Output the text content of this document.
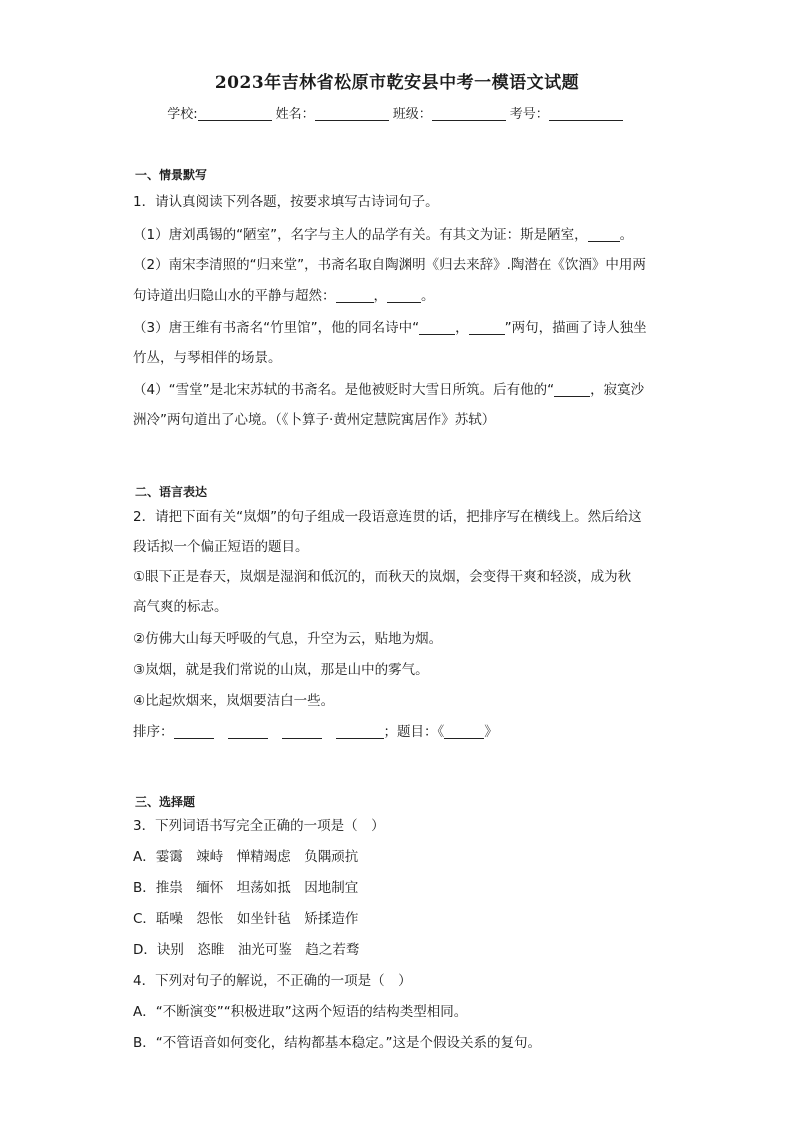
2023年吉林省松原市乾安县中考一模语文试题
学校:	姓名：	班级：	考号：
一、情景默写
1．请认真阅读下列各题，按要求填写古诗词句子。
（1）唐刘禹锡的“陋室”，名字与主人的品学有关。有其文为证：斯是陋室， 。
（2）南宋李清照的“归来堂”，书斋名取自陶渊明《归去来辞》.陶潜在《饮酒》中用两
句诗道出归隐山水的平静与超然：	，	。
（3）唐王维有书斋名“竹里馆”，他的同名诗中“	，	”两句，描画了诗人独坐
竹丛，与琴相伴的场景。
（4）“雪堂”是北宋苏轼的书斋名。是他被贬时大雪日所筑。后有他的“	，寂寞沙
洲冷”两句道出了心境。（《卜算子·黄州定慧院寓居作》苏轼）
二、语言表达
2．请把下面有关“岚烟”的句子组成一段语意连贯的话，把排序写在横线上。然后给这
段话拟一个偏正短语的题目。
①眼下正是春天，岚烟是湿润和低沉的，而秋天的岚烟，会变得干爽和轻淡，成为秋
高气爽的标志。
②仿佛大山每天呼吸的气息，升空为云，贴地为烟。
③岚烟，就是我们常说的山岚，那是山中的雾气。
④比起炊烟来，岚烟要洁白一些。
排序：	；题目：《	》
三、选择题
3．下列词语书写完全正确的一项是（　）
A．霎霭　竦峙　惮精竭虑　负隅顽抗
B．推祟　缅怀　坦荡如抵　因地制宜
C．聒噪　怨怅　如坐针毡　矫揉造作
D．诀别　恣睢　油光可鉴　趋之若骛
4．下列对句子的解说，不正确的一项是（　）
A．“不断演变”“积极进取”这两个短语的结构类型相同。
B．“不管语音如何变化，结构都基本稳定。”这是个假设关系的复句。
